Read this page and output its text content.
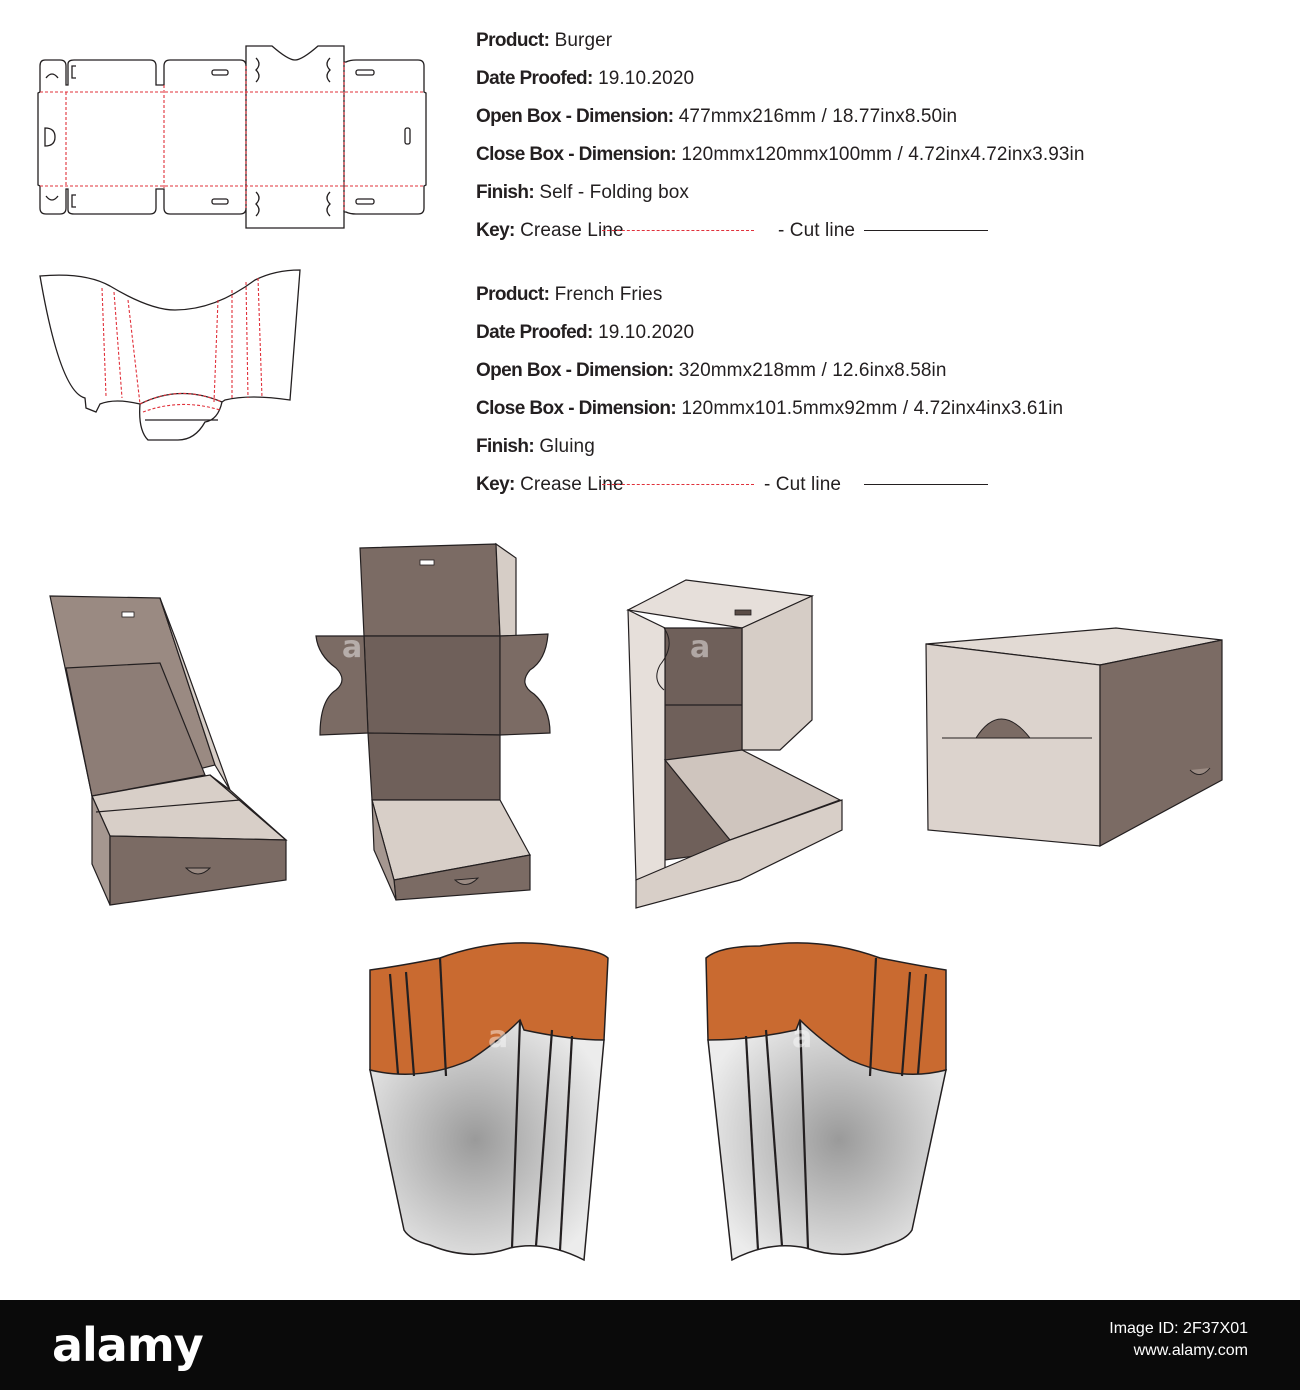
Product: Burger
Date Proofed: 19.10.2020
Open Box - Dimension: 477mmx216mm / 18.77inx8.50in
Close Box - Dimension: 120mmx120mmx100mm / 4.72inx4.72inx3.93in
Finish: Self - Folding box
Key: Crease Line	- Cut line
Product: French Fries
Date Proofed: 19.10.2020
Open Box - Dimension: 320mmx218mm / 12.6inx8.58in
Close Box - Dimension: 120mmx101.5mmx92mm / 4.72inx4inx3.61in
Finish: Gluing
Key: Crease Line	- Cut line
a	a
a	a
alamy	Image ID: 2F37X01
www.alamy.com
